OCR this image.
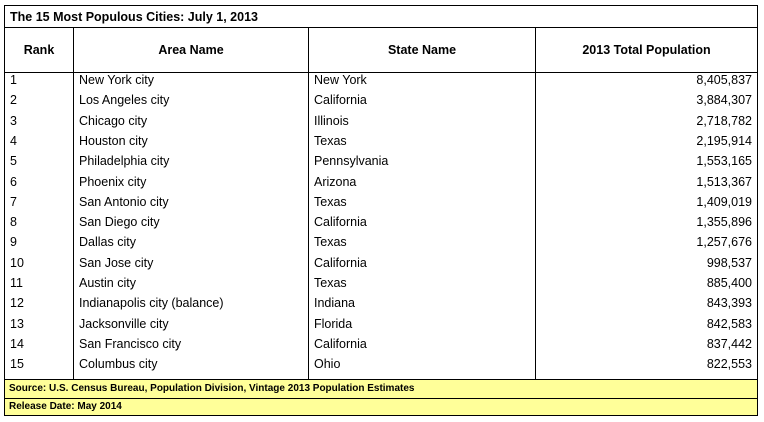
The 15 Most Populous Cities: July 1, 2013
Rank	Area Name	State Name	2013 Total Population
1	New York city	New York	8,405,837
2	Los Angeles city	California	3,884,307
3	Chicago city	Illinois	2,718,782
4	Houston city	Texas	2,195,914
5	Philadelphia city	Pennsylvania	1,553,165
6	Phoenix city	Arizona	1,513,367
7	San Antonio city	Texas	1,409,019
8	San Diego city	California	1,355,896
9	Dallas city	Texas	1,257,676
10	San Jose city	California	998,537
11	Austin city	Texas	885,400
12	Indianapolis city (balance)	Indiana	843,393
13	Jacksonville city	Florida	842,583
14	San Francisco city	California	837,442
15	Columbus city	Ohio	822,553
Source: U.S. Census Bureau, Population Division, Vintage 2013 Population Estimates
Release Date: May 2014
